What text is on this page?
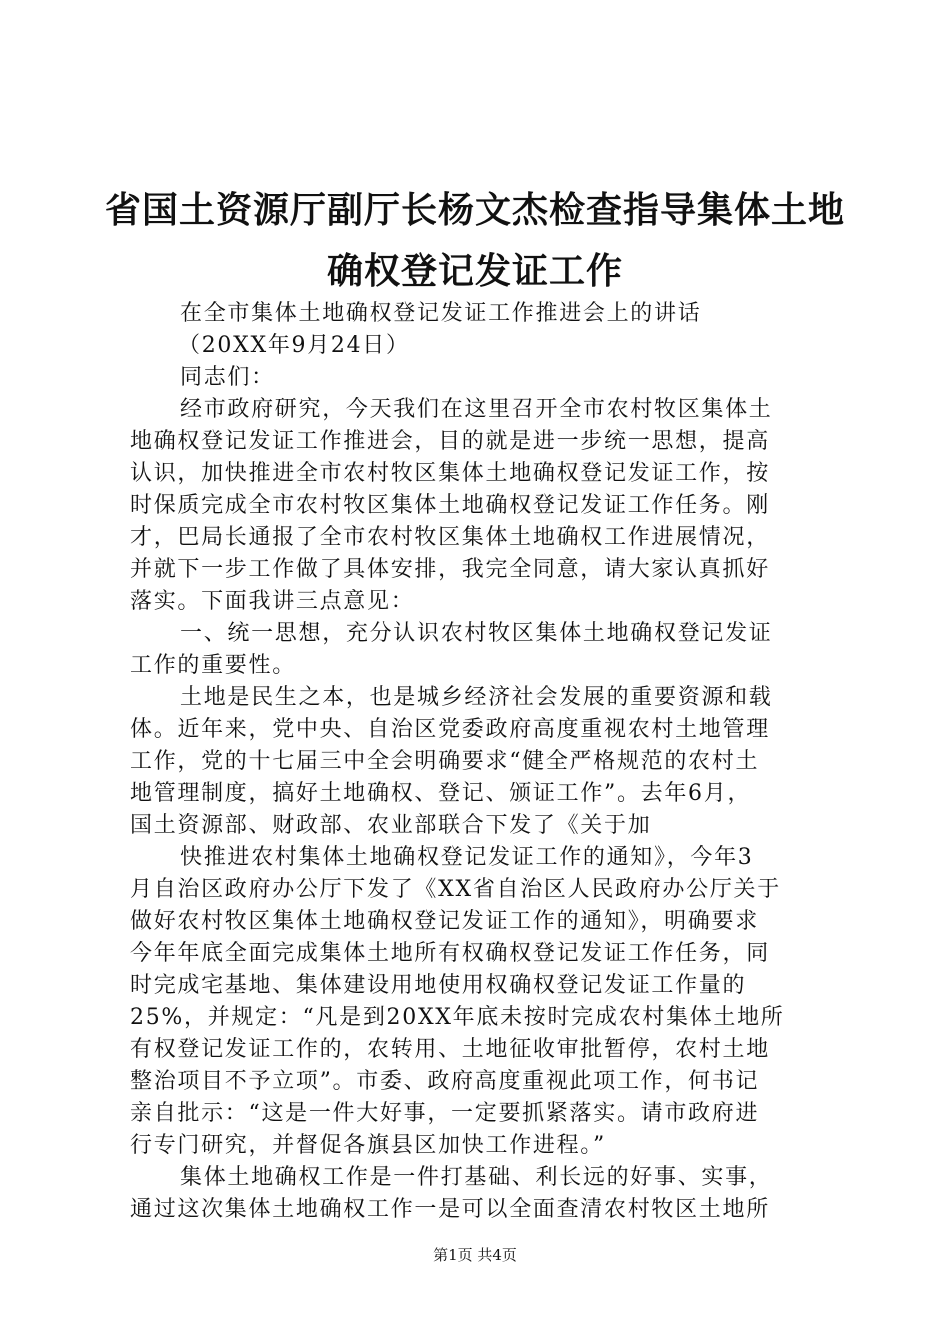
省国土资源厅副厅长杨文杰检查指导集体土地
确权登记发证工作
在全市集体土地确权登记发证工作推进会上的讲话
（20XX年9月24日）
同志们：
经市政府研究，今天我们在这里召开全市农村牧区集体土
地确权登记发证工作推进会，目的就是进一步统一思想，提高
认识，加快推进全市农村牧区集体土地确权登记发证工作，按
时保质完成全市农村牧区集体土地确权登记发证工作任务。刚
才，巴局长通报了全市农村牧区集体土地确权工作进展情况，
并就下一步工作做了具体安排，我完全同意，请大家认真抓好
落实。下面我讲三点意见：
一、统一思想，充分认识农村牧区集体土地确权登记发证
工作的重要性。
土地是民生之本，也是城乡经济社会发展的重要资源和载
体。近年来，党中央、自治区党委政府高度重视农村土地管理
工作，党的十七届三中全会明确要求“健全严格规范的农村土
地管理制度，搞好土地确权、登记、颁证工作”。去年6月，
国土资源部、财政部、农业部联合下发了《关于加
快推进农村集体土地确权登记发证工作的通知》，今年3
月自治区政府办公厅下发了《XX省自治区人民政府办公厅关于
做好农村牧区集体土地确权登记发证工作的通知》，明确要求
今年年底全面完成集体土地所有权确权登记发证工作任务，同
时完成宅基地、集体建设用地使用权确权登记发证工作量的
25%，并规定：“凡是到20XX年底未按时完成农村集体土地所
有权登记发证工作的，农转用、土地征收审批暂停，农村土地
整治项目不予立项”。市委、政府高度重视此项工作，何书记
亲自批示：“这是一件大好事，一定要抓紧落实。请市政府进
行专门研究，并督促各旗县区加快工作进程。”
集体土地确权工作是一件打基础、利长远的好事、实事，
通过这次集体土地确权工作一是可以全面查清农村牧区土地所
第1页 共4页
